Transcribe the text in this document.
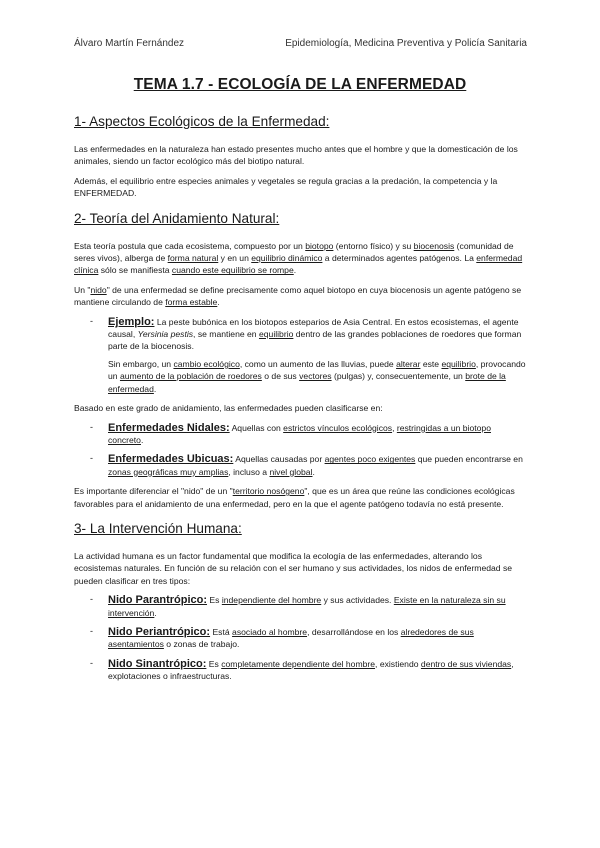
Álvaro Martín Fernández	Epidemiología, Medicina Preventiva y Policía Sanitaria
TEMA 1.7 - ECOLOGÍA DE LA ENFERMEDAD
1- Aspectos Ecológicos de la Enfermedad:

Las enfermedades en la naturaleza han estado presentes mucho antes que el hombre y que la domesticación de los animales, siendo un factor ecológico más del biotipo natural.

Además, el equilibrio entre especies animales y vegetales se regula gracias a la predación, la competencia y la ENFERMEDAD.

2- Teoría del Anidamiento Natural:

Esta teoría postula que cada ecosistema, compuesto por un biotopo (entorno físico) y su biocenosis (comunidad de seres vivos), alberga de forma natural y en un equilibrio dinámico a determinados agentes patógenos. La enfermedad clínica sólo se manifiesta cuando este equilibrio se rompe.

Un "nido" de una enfermedad se define precisamente como aquel biotopo en cuya biocenosis un agente patógeno se mantiene circulando de forma estable.

- Ejemplo: La peste bubónica en los biotopos esteparios de Asia Central. En estos ecosistemas, el agente causal, Yersinia pestis, se mantiene en equilibrio dentro de las grandes poblaciones de roedores que forman parte de la biocenosis.

Sin embargo, un cambio ecológico, como un aumento de las lluvias, puede alterar este equilibrio, provocando un aumento de la población de roedores o de sus vectores (pulgas) y, consecuentemente, un brote de la enfermedad.

Basado en este grado de anidamiento, las enfermedades pueden clasificarse en:

- Enfermedades Nidales: Aquellas con estrictos vínculos ecológicos, restringidas a un biotopo concreto.

- Enfermedades Ubicuas: Aquellas causadas por agentes poco exigentes que pueden encontrarse en zonas geográficas muy amplias, incluso a nivel global.

Es importante diferenciar el "nido" de un "territorio nosógeno", que es un área que reúne las condiciones ecológicas favorables para el anidamiento de una enfermedad, pero en la que el agente patógeno todavía no está presente.

3- La Intervención Humana:

La actividad humana es un factor fundamental que modifica la ecología de las enfermedades, alterando los ecosistemas naturales. En función de su relación con el ser humano y sus actividades, los nidos de enfermedad se pueden clasificar en tres tipos:

- Nido Parantrópico: Es independiente del hombre y sus actividades. Existe en la naturaleza sin su intervención.

- Nido Periantrópico: Está asociado al hombre, desarrollándose en los alrededores de sus asentamientos o zonas de trabajo.

- Nido Sinantrópico: Es completamente dependiente del hombre, existiendo dentro de sus viviendas, explotaciones o infraestructuras.
